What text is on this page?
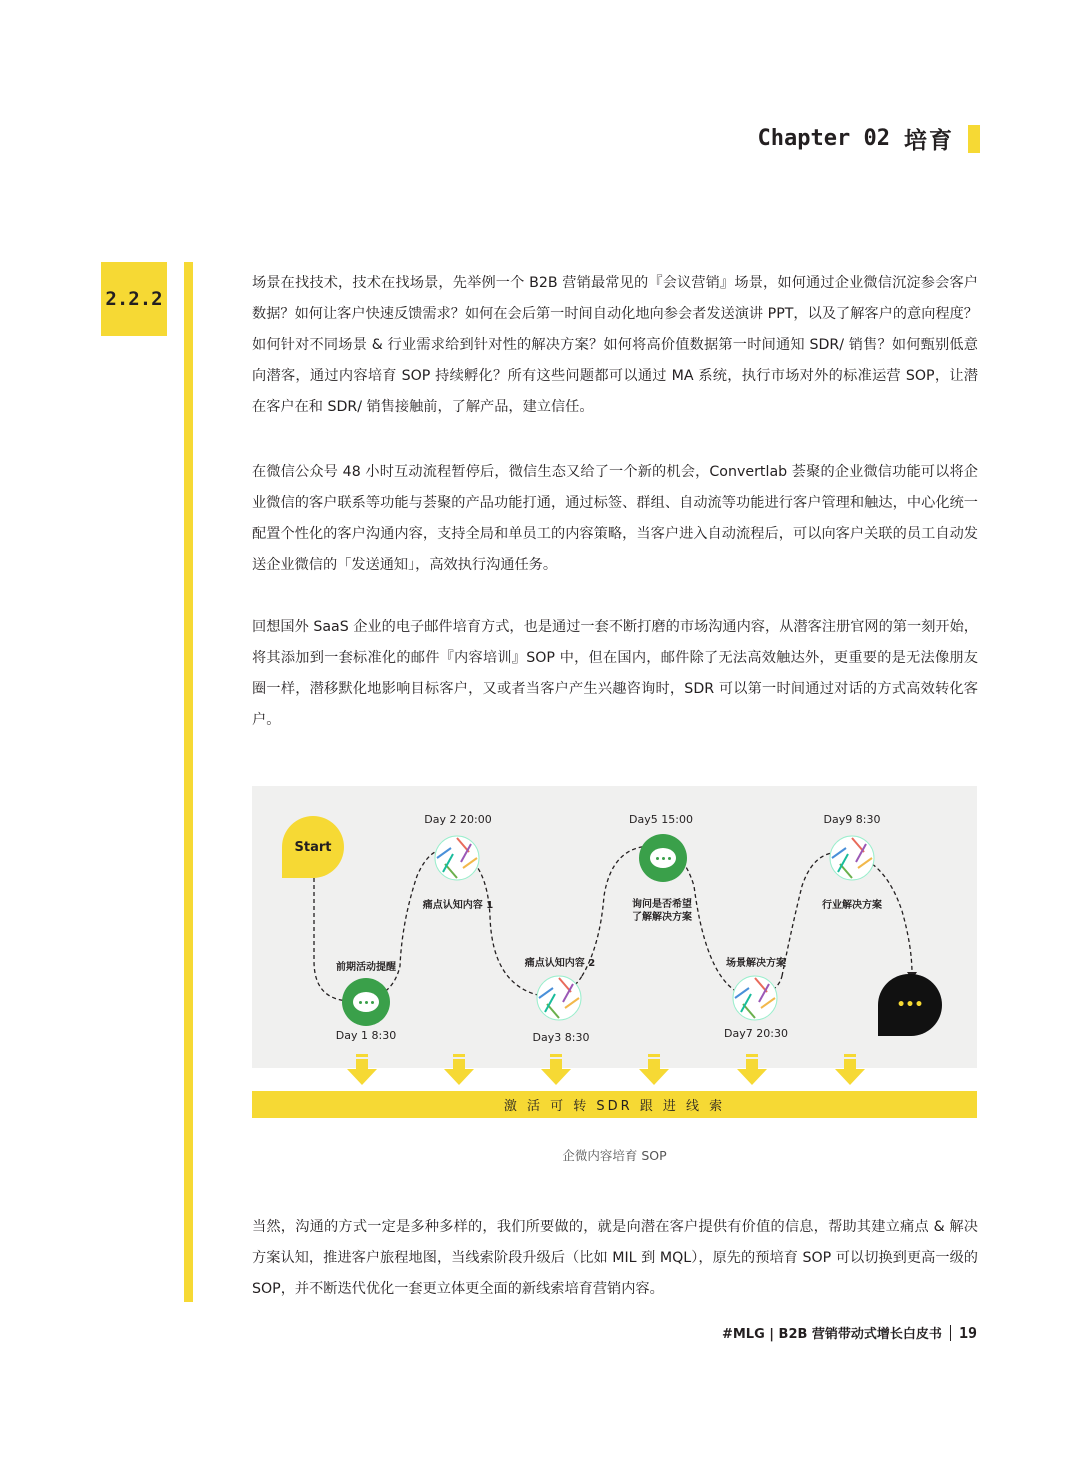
Chapter 02 培育
2.2.2
场景在找技术，技术在找场景，先举例一个 B2B 营销最常见的『会议营销』场景，如何通过企业微信沉淀参会客户数据？如何让客户快速反馈需求？如何在会后第一时间自动化地向参会者发送演讲 PPT，以及了解客户的意向程度？如何针对不同场景 & 行业需求给到针对性的解决方案？如何将高价值数据第一时间通知 SDR/ 销售？如何甄别低意向潜客，通过内容培育 SOP 持续孵化？所有这些问题都可以通过 MA 系统，执行市场对外的标准运营 SOP，让潜在客户在和 SDR/ 销售接触前，了解产品，建立信任。
在微信公众号 48 小时互动流程暂停后，微信生态又给了一个新的机会，Convertlab 荟聚的企业微信功能可以将企业微信的客户联系等功能与荟聚的产品功能打通，通过标签、群组、自动流等功能进行客户管理和触达，中心化统一配置个性化的客户沟通内容，支持全局和单员工的内容策略，当客户进入自动流程后，可以向客户关联的员工自动发送企业微信的「发送通知」，高效执行沟通任务。
回想国外 SaaS 企业的电子邮件培育方式，也是通过一套不断打磨的市场沟通内容，从潜客注册官网的第一刻开始，将其添加到一套标准化的邮件『内容培训』SOP 中，但在国内，邮件除了无法高效触达外，更重要的是无法像朋友圈一样，潜移默化地影响目标客户，又或者当客户产生兴趣咨询时，SDR 可以第一时间通过对话的方式高效转化客户。
Start
•••
Day 1 8:30
Day 2 20:00
Day3 8:30
Day5 15:00
Day7 20:30
Day9 8:30
前期活动提醒
痛点认知内容 1
痛点认知内容 2
询问是否希望
了解解决方案
场景解决方案
行业解决方案
激 活 可 转 SDR 跟 进 线 索
企微内容培育 SOP
当然，沟通的方式一定是多种多样的，我们所要做的，就是向潜在客户提供有价值的信息，帮助其建立痛点 & 解决方案认知，推进客户旅程地图，当线索阶段升级后（比如 MIL 到 MQL），原先的预培育 SOP 可以切换到更高一级的 SOP，并不断迭代优化一套更立体更全面的新线索培育营销内容。
#MLG | B2B 营销带动式增长白皮书 19
